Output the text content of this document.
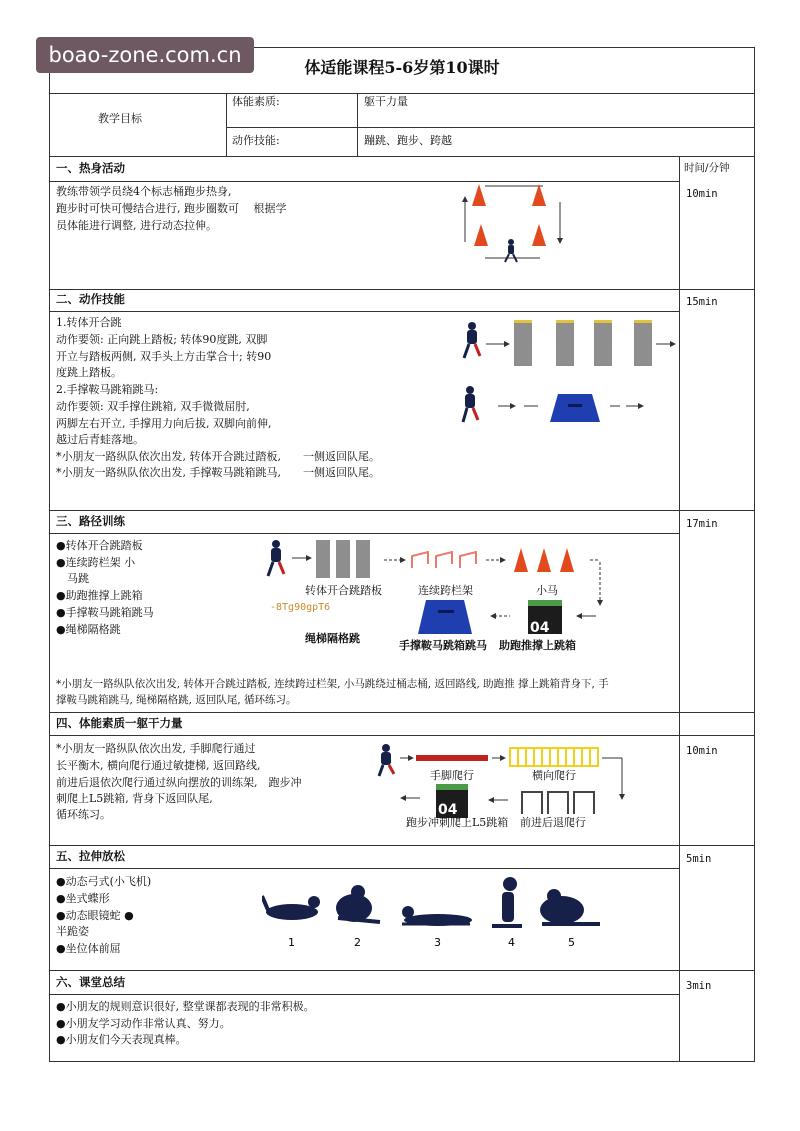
boao-zone.com.cn
体适能课程5-6岁第10课时
教学目标
体能素质:	躯干力量
动作技能:	蹦跳、跑步、跨越
时间/分钟
一、热身活动
教练带领学员绕4个标志桶跑步热身,
跑步时可快可慢结合进行, 跑步圈数可　 根据学
员体能进行调整, 进行动态拉伸。
10min
二、动作技能
1.转体开合跳
动作要领: 正向跳上踏板; 转体90度跳, 双脚
开立与踏板两侧, 双手头上方击掌合十; 转90
度跳上踏板。
2.手撑鞍马跳箱跳马:
动作要领: 双手撑住跳箱, 双手微微屈肘,
两脚左右开立, 手撑用力向后拔, 双脚向前伸,
越过后青蛙落地。
*小朋友一路纵队依次出发, 转体开合跳过踏板,　　一侧返回队尾。
*小朋友一路纵队依次出发, 手撑鞍马跳箱跳马,　　一侧返回队尾。
15min
三、路径训练
●转体开合跳踏板
●连续跨栏架 小
　马跳
●助跑推撑上跳箱
●手撑鞍马跳箱跳马
●绳梯隔格跳
17min
04
转体开合跳踏板	连续跨栏架	小马
-8Tg90gpT6
绳梯隔格跳
手撑鞍马跳箱跳马 助跑推撑上跳箱
*小朋友一路纵队依次出发, 转体开合跳过踏板, 连续跨过栏架, 小马跳绕过桶志桶, 返回路线, 助跑推 撑上跳箱背身下, 手
撑鞍马跳箱跳马, 绳梯隔格跳, 返回队尾, 循环练习。
四、体能素质一躯干力量
*小朋友一路纵队依次出发, 手脚爬行通过
长平衡木, 横向爬行通过敏捷梯, 返回路线,
前进后退依次爬行通过纵向摆放的训练架,　跑步冲
刺爬上L5跳箱, 背身下返回队尾,
循环练习。
10min
04
手脚爬行	横向爬行
跑步冲刺爬上L5跳箱 前进后退爬行
五、拉伸放松
●动态弓式(小飞机)
●坐式蝶形
●动态眼镜蛇 ●
半跪姿
●坐位体前屈
5min
1	2	3	4	5
六、课堂总结
●小朋友的规则意识很好, 整堂课都表现的非常积极。
●小朋友学习动作非常认真、努力。
●小朋友们今天表现真棒。
3min
